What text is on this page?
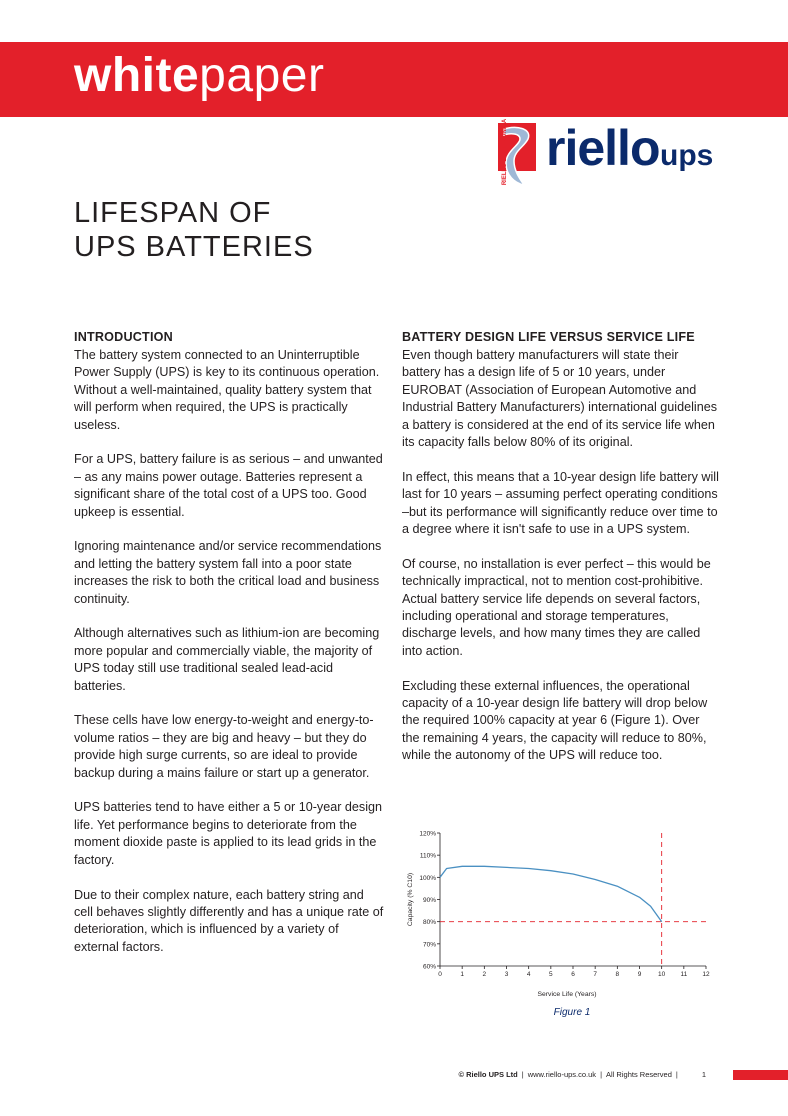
whitepaper
RIELLO ELETTRONICA riello ups
LIFESPAN OF
UPS BATTERIES
INTRODUCTION

The battery system connected to an Uninterruptible Power Supply (UPS) is key to its continuous operation. Without a well-maintained, quality battery system that will perform when required, the UPS is practically useless.

For a UPS, battery failure is as serious – and unwanted – as any mains power outage. Batteries represent a significant share of the total cost of a UPS too. Good upkeep is essential.

Ignoring maintenance and/or service recommendations and letting the battery system fall into a poor state increases the risk to both the critical load and business continuity.

Although alternatives such as lithium-ion are becoming more popular and commercially viable, the majority of UPS today still use traditional sealed lead-acid batteries.

These cells have low energy-to-weight and energy-to-volume ratios – they are big and heavy – but they do provide high surge currents, so are ideal to provide backup during a mains failure or start up a generator.

UPS batteries tend to have either a 5 or 10-year design life. Yet performance begins to deteriorate from the moment dioxide paste is applied to its lead grids in the factory.

Due to their complex nature, each battery string and cell behaves slightly differently and has a unique rate of deterioration, which is influenced by a variety of external factors.

BATTERY DESIGN LIFE VERSUS SERVICE LIFE

Even though battery manufacturers will state their battery has a design life of 5 or 10 years, under EUROBAT (Association of European Automotive and Industrial Battery Manufacturers) international guidelines a battery is considered at the end of its service life when its capacity falls below 80% of its original.

In effect, this means that a 10-year design life battery will last for 10 years – assuming perfect operating conditions –but its performance will significantly reduce over time to a degree where it isn't safe to use in a UPS system.

Of course, no installation is ever perfect – this would be technically impractical, not to mention cost-prohibitive. Actual battery service life depends on several factors, including operational and storage temperatures, discharge levels, and how many times they are called into action.

Excluding these external influences, the operational capacity of a 10-year design life battery will drop below the required 100% capacity at year 6 (Figure 1). Over the remaining 4 years, the capacity will reduce to 80%, while the autonomy of the UPS will reduce too.

60%
70%
80%
90%
100%
110%
120%
0	1	2	3	4	5	6	7	8	9	10 11 12
Service Life (Years)
Capacity (% C10)
Figure 1
© Riello UPS Ltd | www.riello-ups.co.uk | All Rights Reserved |	1
